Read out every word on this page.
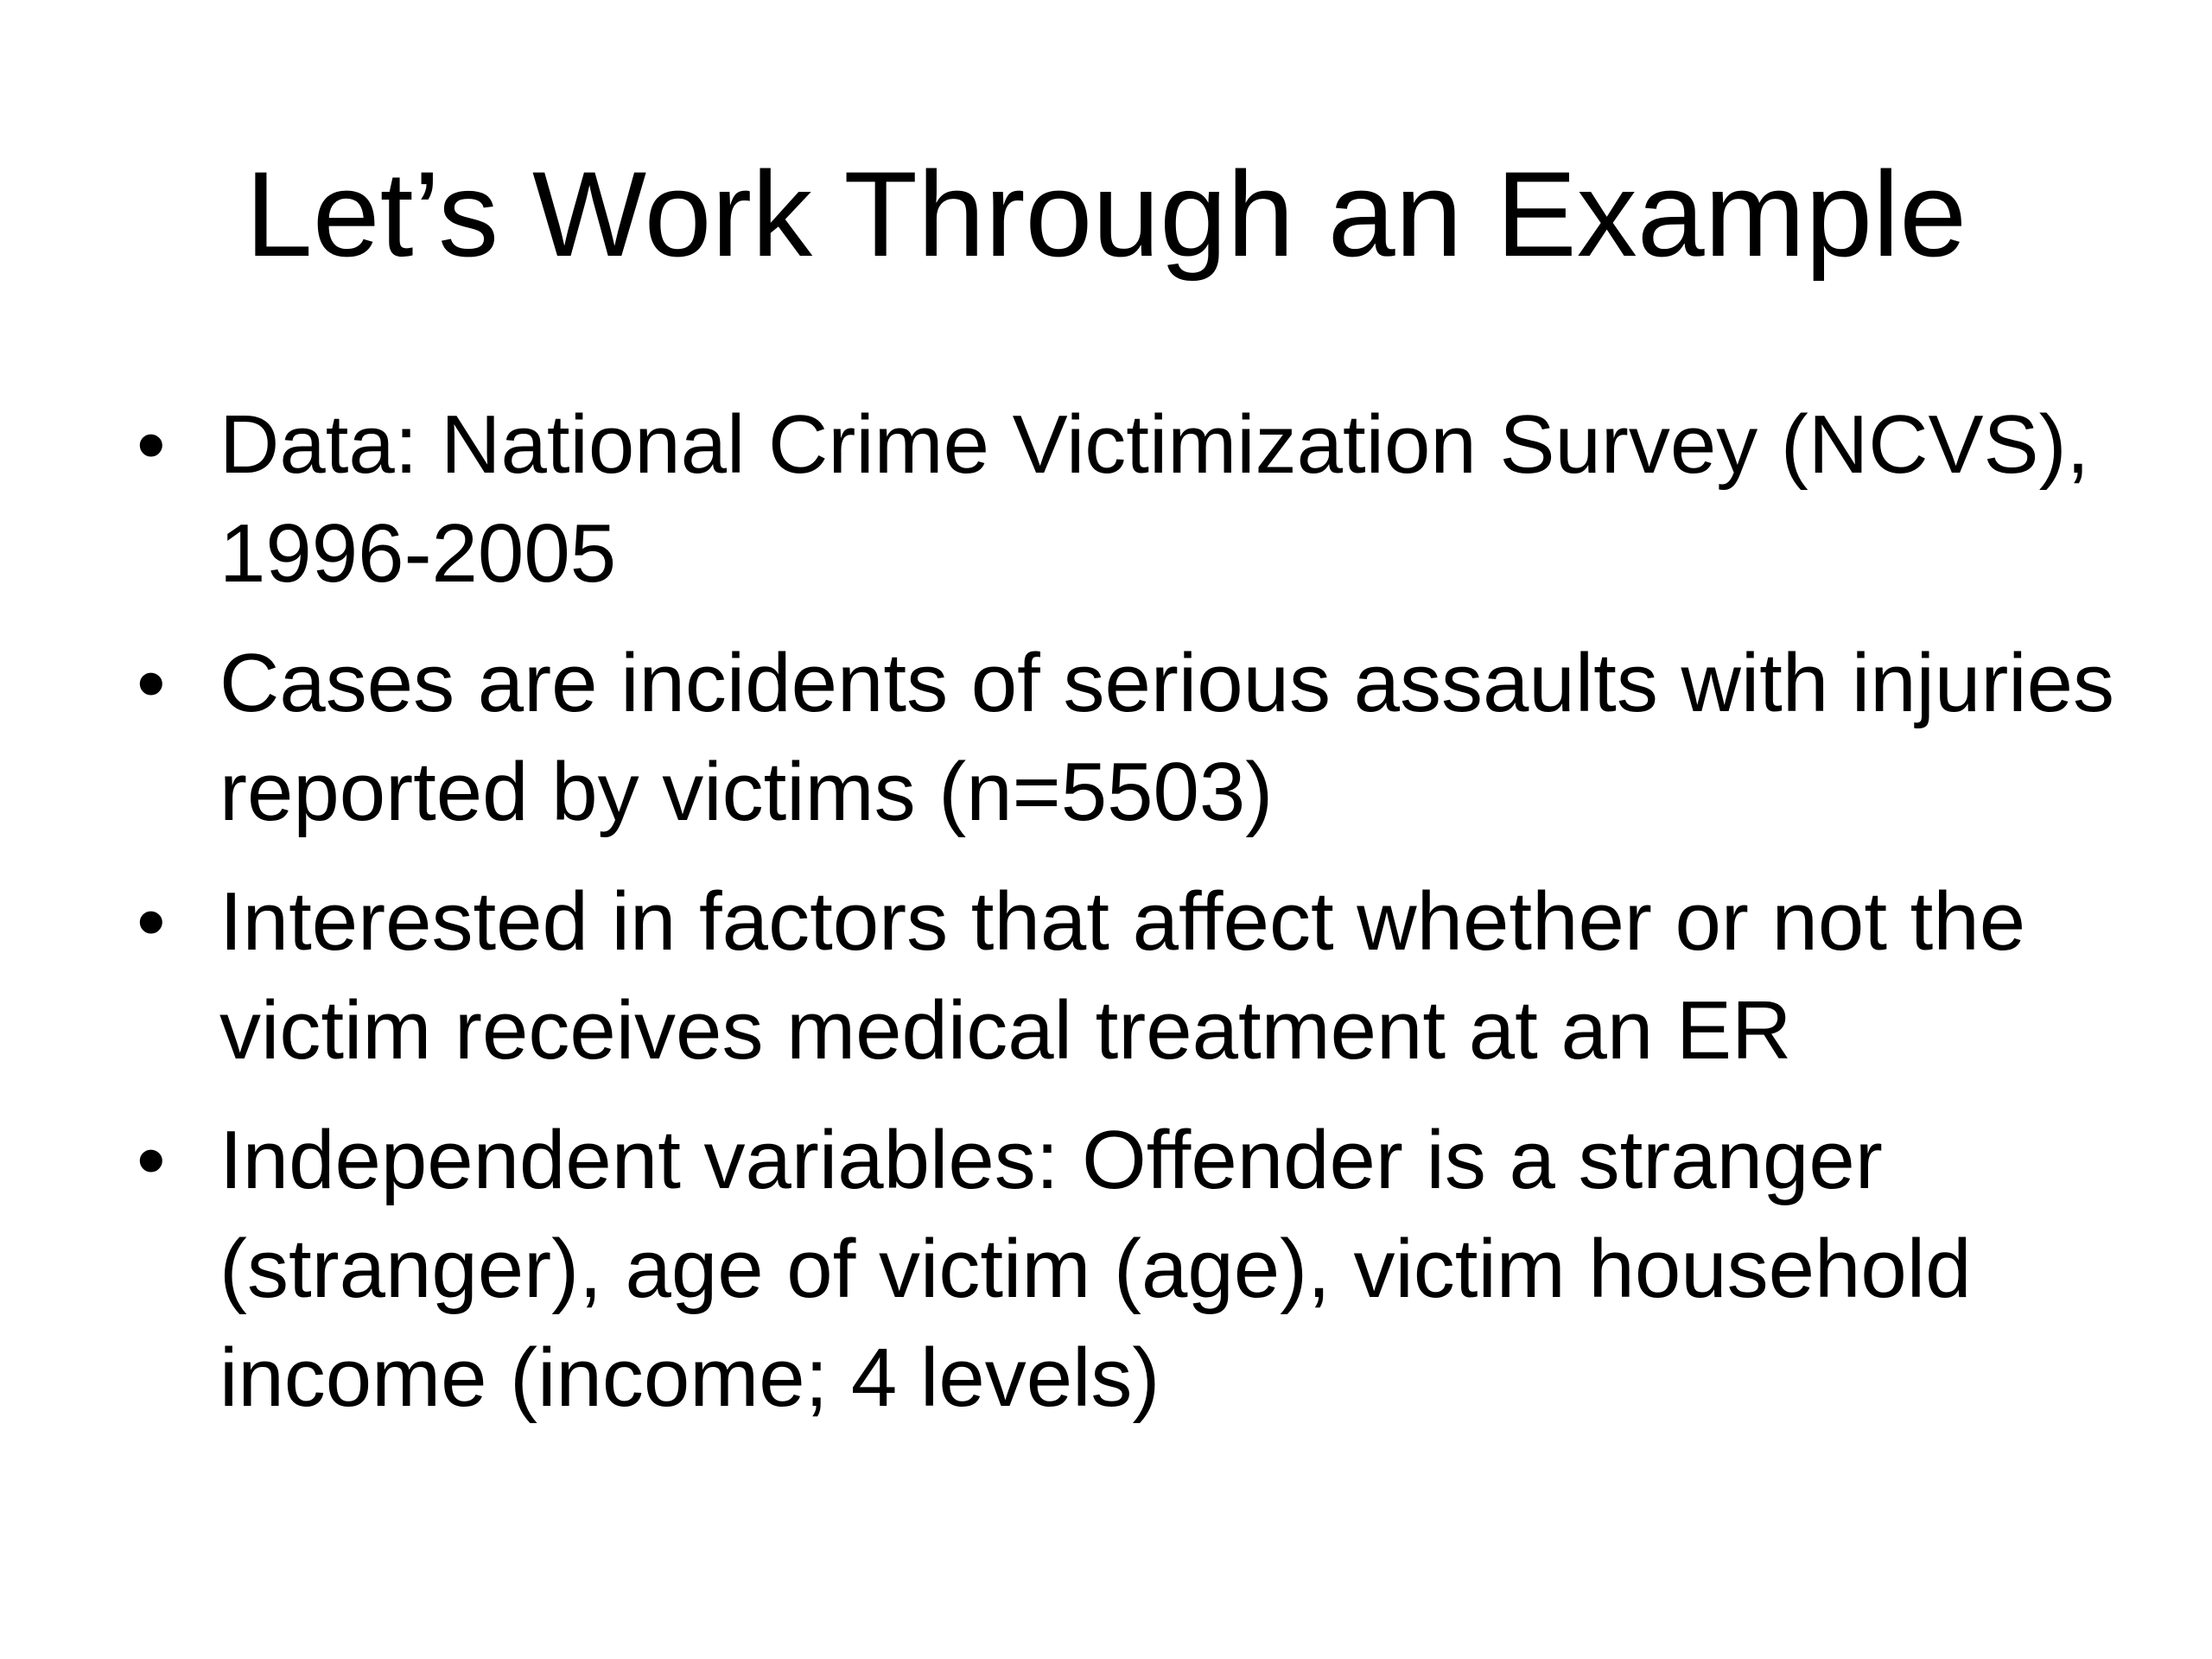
Let’s Work Through an Example
• Data: National Crime Victimization Survey (NCVS), 1996-2005
• Cases are incidents of serious assaults with injuries reported by victims (n=5503)
• Interested in factors that affect whether or not the victim receives medical treatment at an ER
• Independent variables: Offender is a stranger (stranger), age of victim (age), victim household income (income; 4 levels)
